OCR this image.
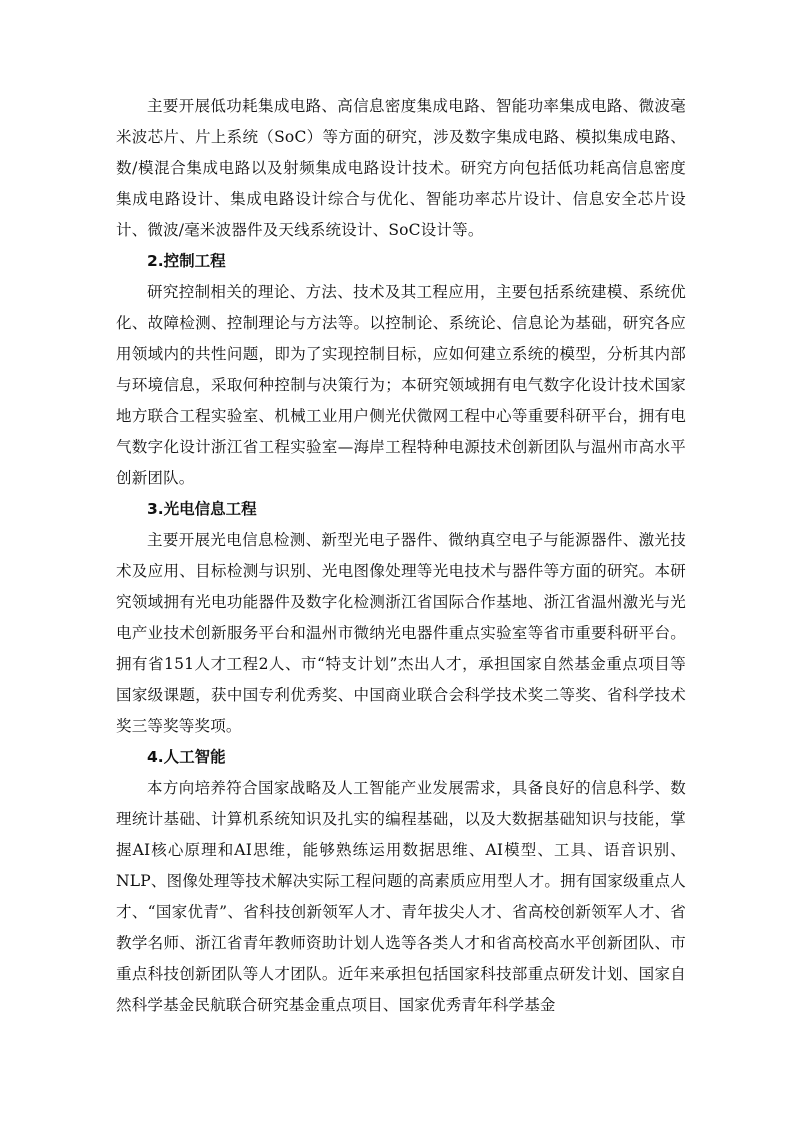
主要开展低功耗集成电路、高信息密度集成电路、智能功率集成电路、微波毫米波芯片、片上系统（SoC）等方面的研究，涉及数字集成电路、模拟集成电路、数/模混合集成电路以及射频集成电路设计技术。研究方向包括低功耗高信息密度集成电路设计、集成电路设计综合与优化、智能功率芯片设计、信息安全芯片设计、微波/毫米波器件及天线系统设计、SoC设计等。

2.控制工程

研究控制相关的理论、方法、技术及其工程应用，主要包括系统建模、系统优化、故障检测、控制理论与方法等。以控制论、系统论、信息论为基础，研究各应用领域内的共性问题，即为了实现控制目标，应如何建立系统的模型，分析其内部与环境信息，采取何种控制与决策行为；本研究领域拥有电气数字化设计技术国家地方联合工程实验室、机械工业用户侧光伏微网工程中心等重要科研平台，拥有电气数字化设计浙江省工程实验室—海岸工程特种电源技术创新团队与温州市高水平创新团队。

3.光电信息工程

主要开展光电信息检测、新型光电子器件、微纳真空电子与能源器件、激光技术及应用、目标检测与识别、光电图像处理等光电技术与器件等方面的研究。本研究领域拥有光电功能器件及数字化检测浙江省国际合作基地、浙江省温州激光与光电产业技术创新服务平台和温州市微纳光电器件重点实验室等省市重要科研平台。拥有省151人才工程2人、市“特支计划”杰出人才，承担国家自然基金重点项目等国家级课题，获中国专利优秀奖、中国商业联合会科学技术奖二等奖、省科学技术奖三等奖等奖项。

4.人工智能

本方向培养符合国家战略及人工智能产业发展需求，具备良好的信息科学、数理统计基础、计算机系统知识及扎实的编程基础，以及大数据基础知识与技能，掌握AI核心原理和AI思维，能够熟练运用数据思维、AI模型、工具、语音识别、NLP、图像处理等技术解决实际工程问题的高素质应用型人才。拥有国家级重点人才、“国家优青”、省科技创新领军人才、青年拔尖人才、省高校创新领军人才、省教学名师、浙江省青年教师资助计划人选等各类人才和省高校高水平创新团队、市重点科技创新团队等人才团队。近年来承担包括国家科技部重点研发计划、国家自然科学基金民航联合研究基金重点项目、国家优秀青年科学基金
